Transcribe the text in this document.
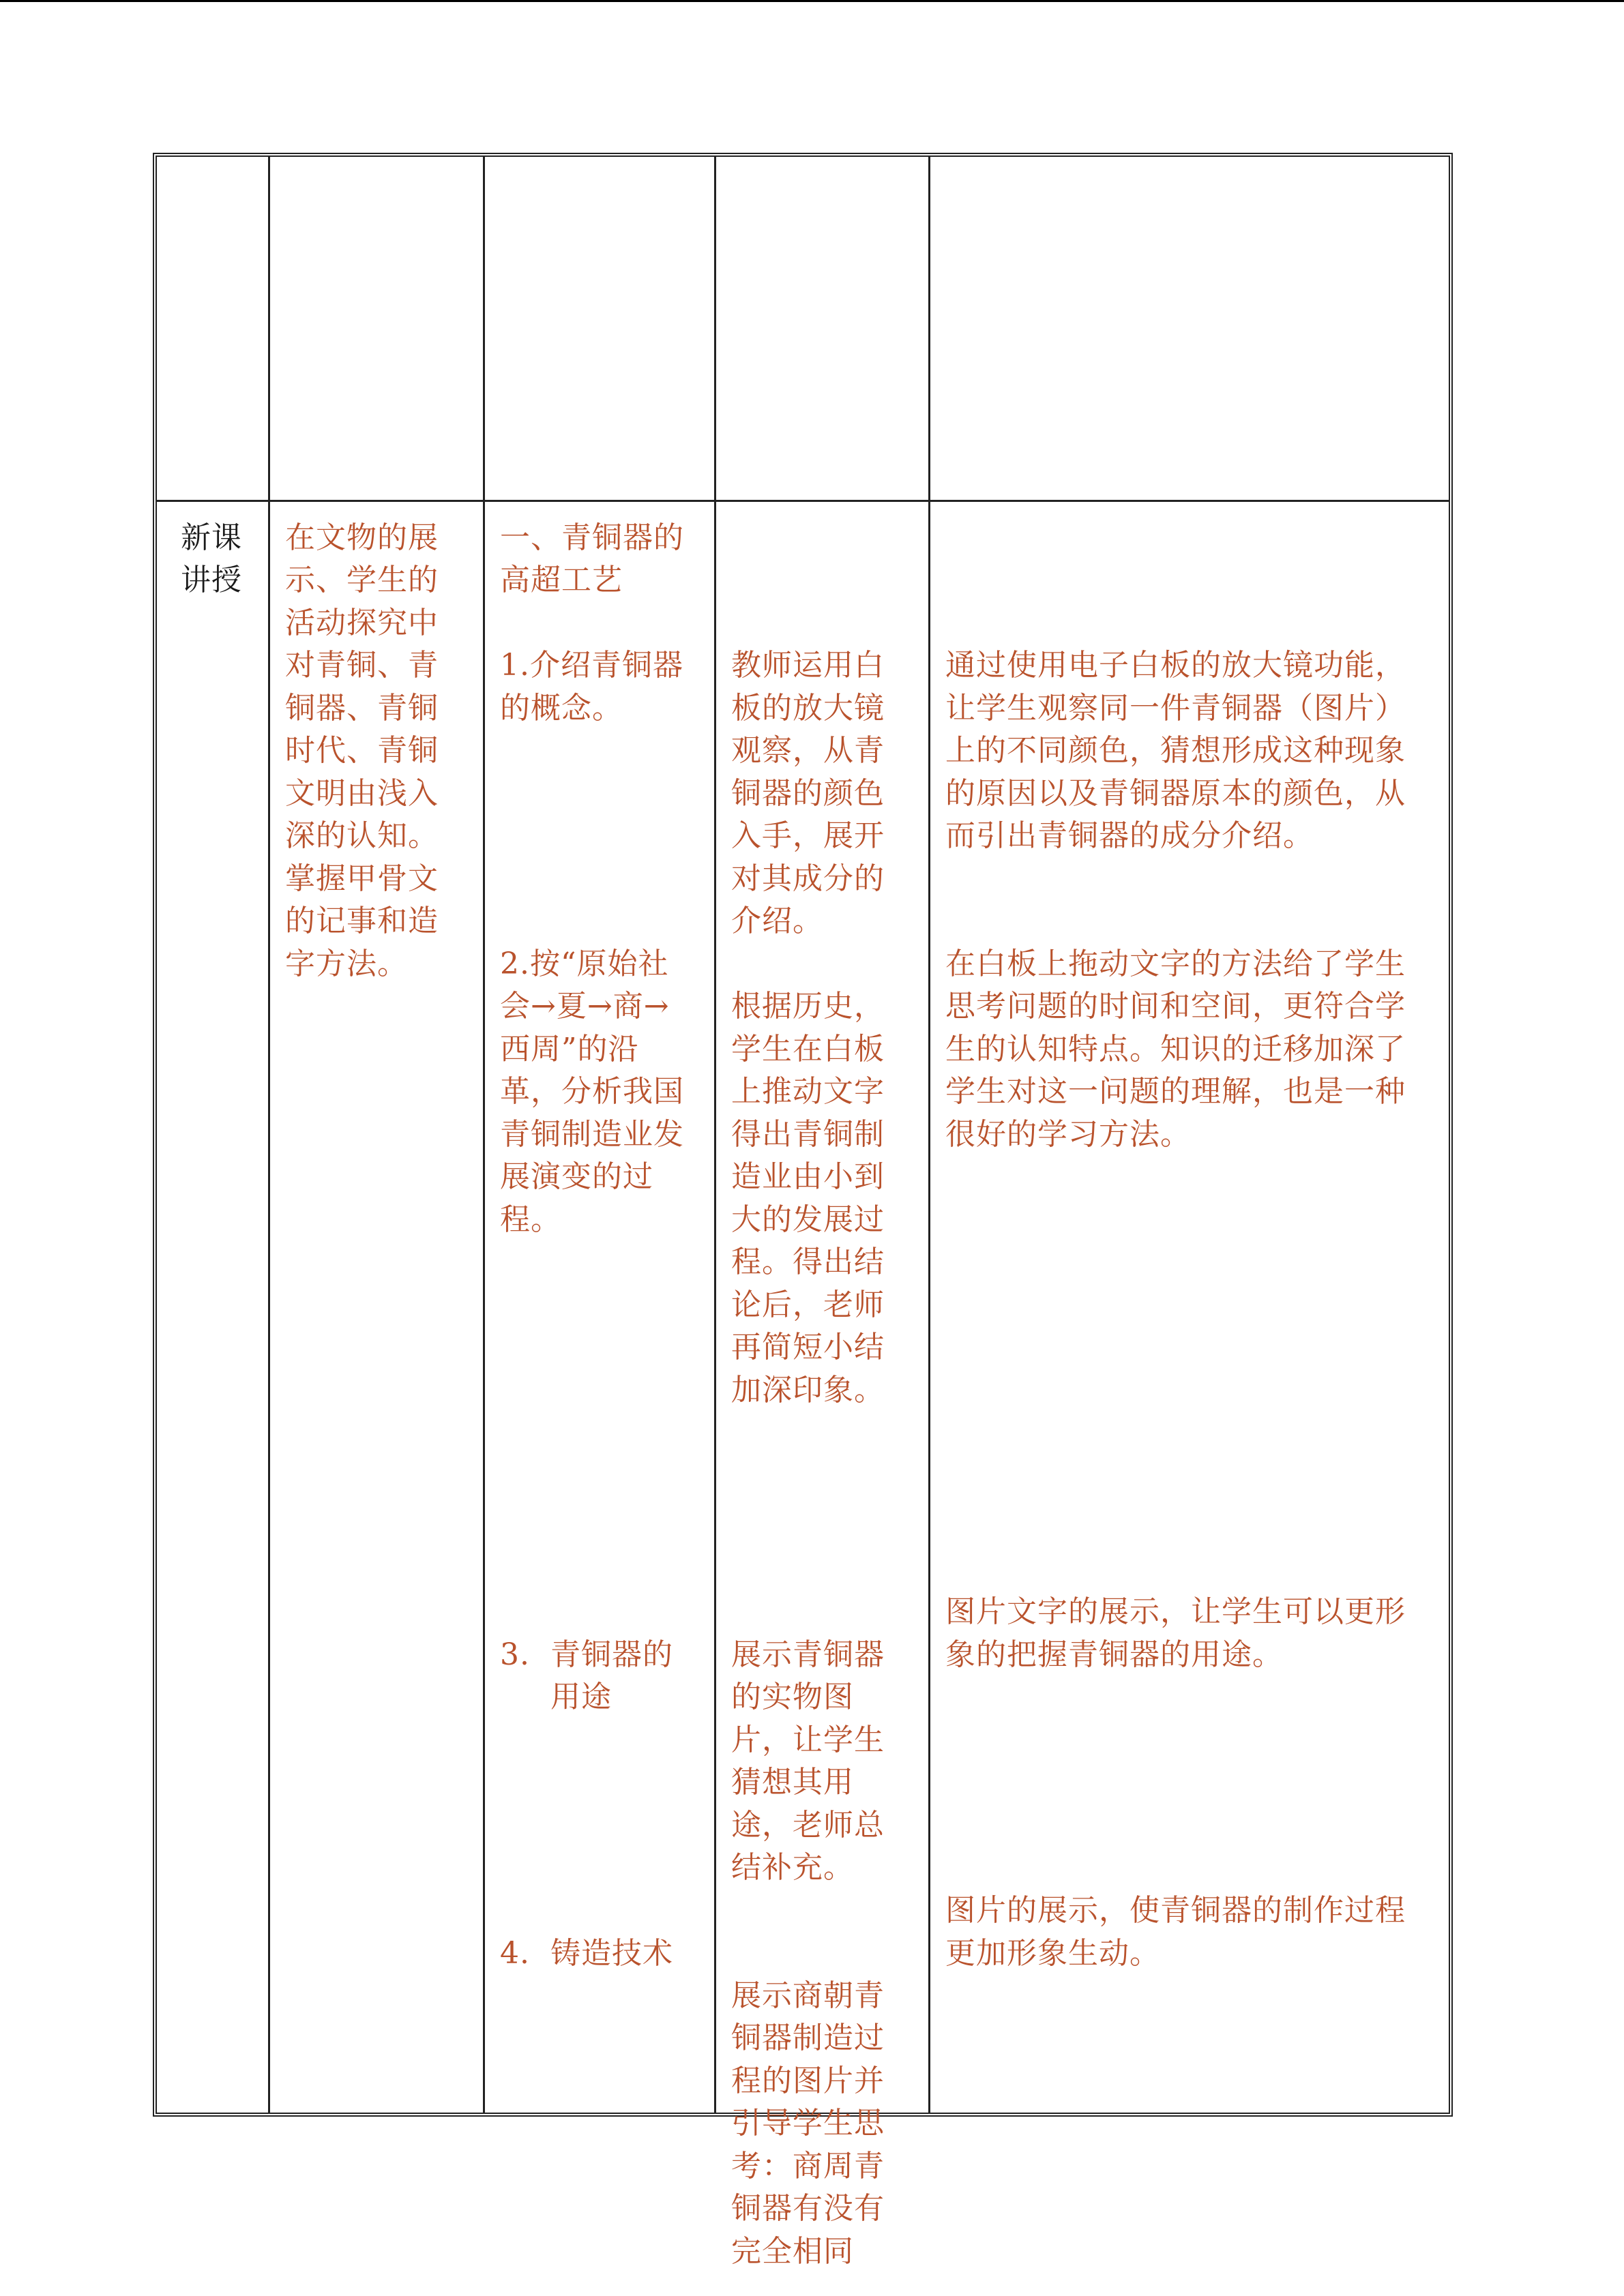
新课

讲授

在文物的展

示、学生的

活动探究中

对青铜、青

铜器、青铜

时代、青铜

文明由浅入

深的认知。

掌握甲骨文

的记事和造

字方法。

一、青铜器的

高超工艺

1.介绍青铜器

的概念。

2.按“原始社

会→夏→商→

西周”的沿

革，分析我国

青铜制造业发

展演变的过

程。

3. 青铜器的

用途

4. 铸造技术

教师运用白

板的放大镜

观察，从青

铜器的颜色

入手，展开

对其成分的

介绍。

根据历史，

学生在白板

上推动文字

得出青铜制

造业由小到

大的发展过

程。得出结

论后，老师

再简短小结

加深印象。

展示青铜器

的实物图

片，让学生

猜想其用

途，老师总

结补充。

展示商朝青

铜器制造过

程的图片并

引导学生思

考：商周青

铜器有没有

完全相同

通过使用电子白板的放大镜功能，

让学生观察同一件青铜器（图片）

上的不同颜色，猜想形成这种现象

的原因以及青铜器原本的颜色，从

而引出青铜器的成分介绍。

在白板上拖动文字的方法给了学生

思考问题的时间和空间，更符合学

生的认知特点。知识的迁移加深了

学生对这一问题的理解，也是一种

很好的学习方法。

图片文字的展示，让学生可以更形

象的把握青铜器的用途。

图片的展示，使青铜器的制作过程

更加形象生动。
